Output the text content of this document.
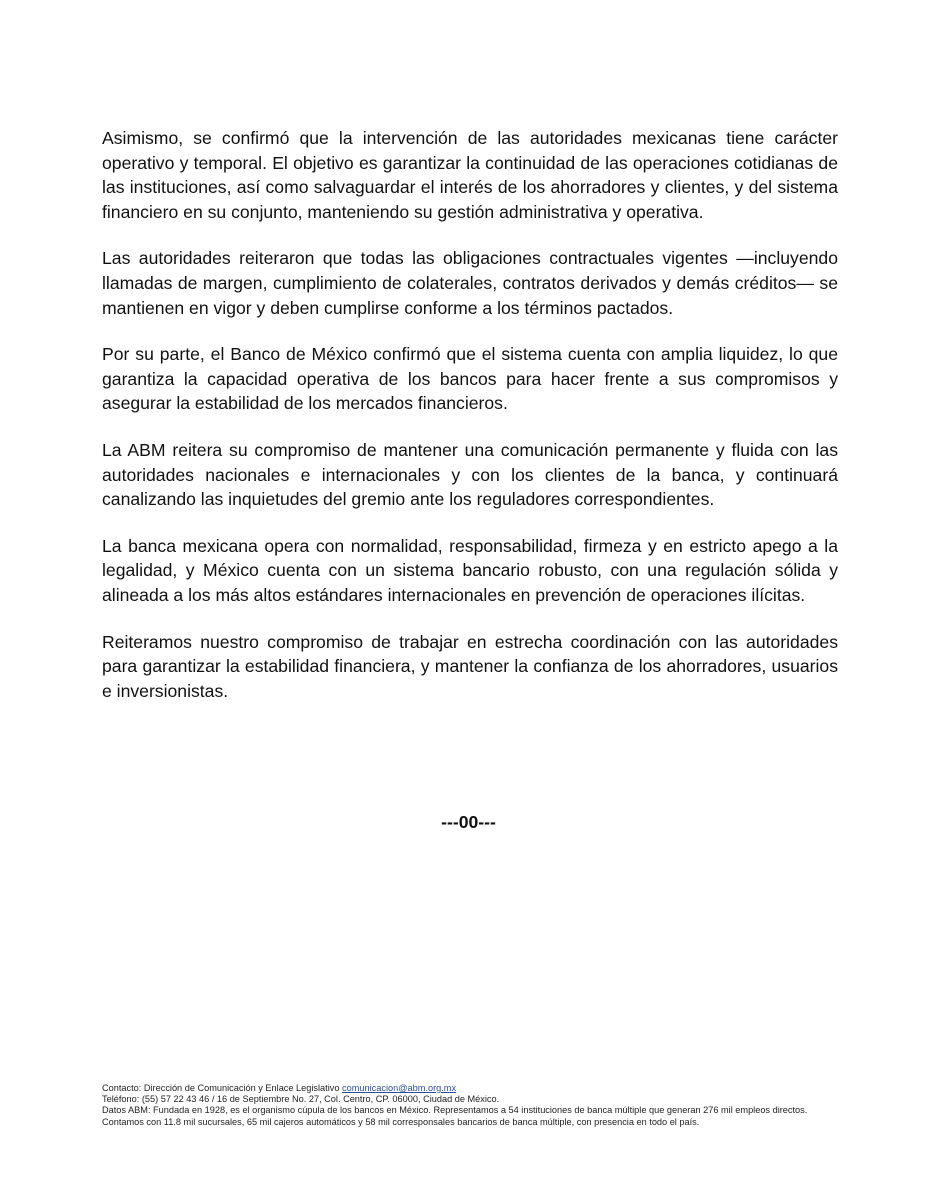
Asimismo, se confirmó que la intervención de las autoridades mexicanas tiene carácter operativo y temporal. El objetivo es garantizar la continuidad de las operaciones cotidianas de las instituciones, así como salvaguardar el interés de los ahorradores y clientes, y del sistema financiero en su conjunto, manteniendo su gestión administrativa y operativa.

Las autoridades reiteraron que todas las obligaciones contractuales vigentes —incluyendo llamadas de margen, cumplimiento de colaterales, contratos derivados y demás créditos— se mantienen en vigor y deben cumplirse conforme a los términos pactados.

Por su parte, el Banco de México confirmó que el sistema cuenta con amplia liquidez, lo que garantiza la capacidad operativa de los bancos para hacer frente a sus compromisos y asegurar la estabilidad de los mercados financieros.

La ABM reitera su compromiso de mantener una comunicación permanente y fluida con las autoridades nacionales e internacionales y con los clientes de la banca, y continuará canalizando las inquietudes del gremio ante los reguladores correspondientes.

La banca mexicana opera con normalidad, responsabilidad, firmeza y en estricto apego a la legalidad, y México cuenta con un sistema bancario robusto, con una regulación sólida y alineada a los más altos estándares internacionales en prevención de operaciones ilícitas.

Reiteramos nuestro compromiso de trabajar en estrecha coordinación con las autoridades para garantizar la estabilidad financiera, y mantener la confianza de los ahorradores, usuarios e inversionistas.

---00---
Contacto: Dirección de Comunicación y Enlace Legislativo comunicacion@abm.org.mx
Teléfono: (55) 57 22 43 46 / 16 de Septiembre No. 27, Col. Centro, CP. 06000, Ciudad de México.
Datos ABM: Fundada en 1928, es el organismo cúpula de los bancos en México. Representamos a 54 instituciones de banca múltiple que generan 276 mil empleos directos.
Contamos con 11.8 mil sucursales, 65 mil cajeros automáticos y 58 mil corresponsales bancarios de banca múltiple, con presencia en todo el país.
